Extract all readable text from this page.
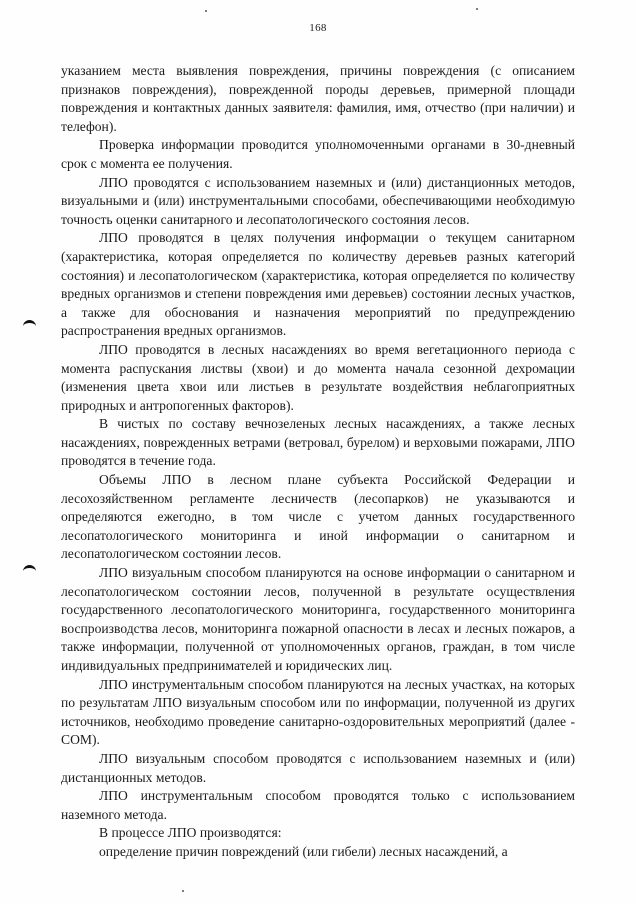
168

указанием места выявления повреждения, причины повреждения (с описанием признаков повреждения), поврежденной породы деревьев, примерной площади повреждения и контактных данных заявителя: фамилия, имя, отчество (при наличии) и телефон).

Проверка информации проводится уполномоченными органами в 30-дневный срок с момента ее получения.

ЛПО проводятся с использованием наземных и (или) дистанционных методов, визуальными и (или) инструментальными способами, обеспечивающими необходимую точность оценки санитарного и лесопатологического состояния лесов.

ЛПО проводятся в целях получения информации о текущем санитарном (характеристика, которая определяется по количеству деревьев разных категорий состояния) и лесопатологическом (характеристика, которая определяется по количеству вредных организмов и степени повреждения ими деревьев) состоянии лесных участков, а также для обоснования и назначения мероприятий по предупреждению распространения вредных организмов.

ЛПО проводятся в лесных насаждениях во время вегетационного периода с момента распускания листвы (хвои) и до момента начала сезонной дехромации (изменения цвета хвои или листьев в результате воздействия неблагоприятных природных и антропогенных факторов).

В чистых по составу вечнозеленых лесных насаждениях, а также лесных насаждениях, поврежденных ветрами (ветровал, бурелом) и верховыми пожарами, ЛПО проводятся в течение года.

Объемы ЛПО в лесном плане субъекта Российской Федерации и лесохозяйственном регламенте лесничеств (лесопарков) не указываются и определяются ежегодно, в том числе с учетом данных государственного лесопатологического мониторинга и иной информации о санитарном и лесопатологическом состоянии лесов.

ЛПО визуальным способом планируются на основе информации о санитарном и лесопатологическом состоянии лесов, полученной в результате осуществления государственного лесопатологического мониторинга, государственного мониторинга воспроизводства лесов, мониторинга пожарной опасности в лесах и лесных пожаров, а также информации, полученной от уполномоченных органов, граждан, в том числе индивидуальных предпринимателей и юридических лиц.

ЛПО инструментальным способом планируются на лесных участках, на которых по результатам ЛПО визуальным способом или по информации, полученной из других источников, необходимо проведение санитарно-оздоровительных мероприятий (далее - СОМ).

ЛПО визуальным способом проводятся с использованием наземных и (или) дистанционных методов.

ЛПО инструментальным способом проводятся только с использованием наземного метода.

В процессе ЛПО производятся:

определение причин повреждений (или гибели) лесных насаждений, а
